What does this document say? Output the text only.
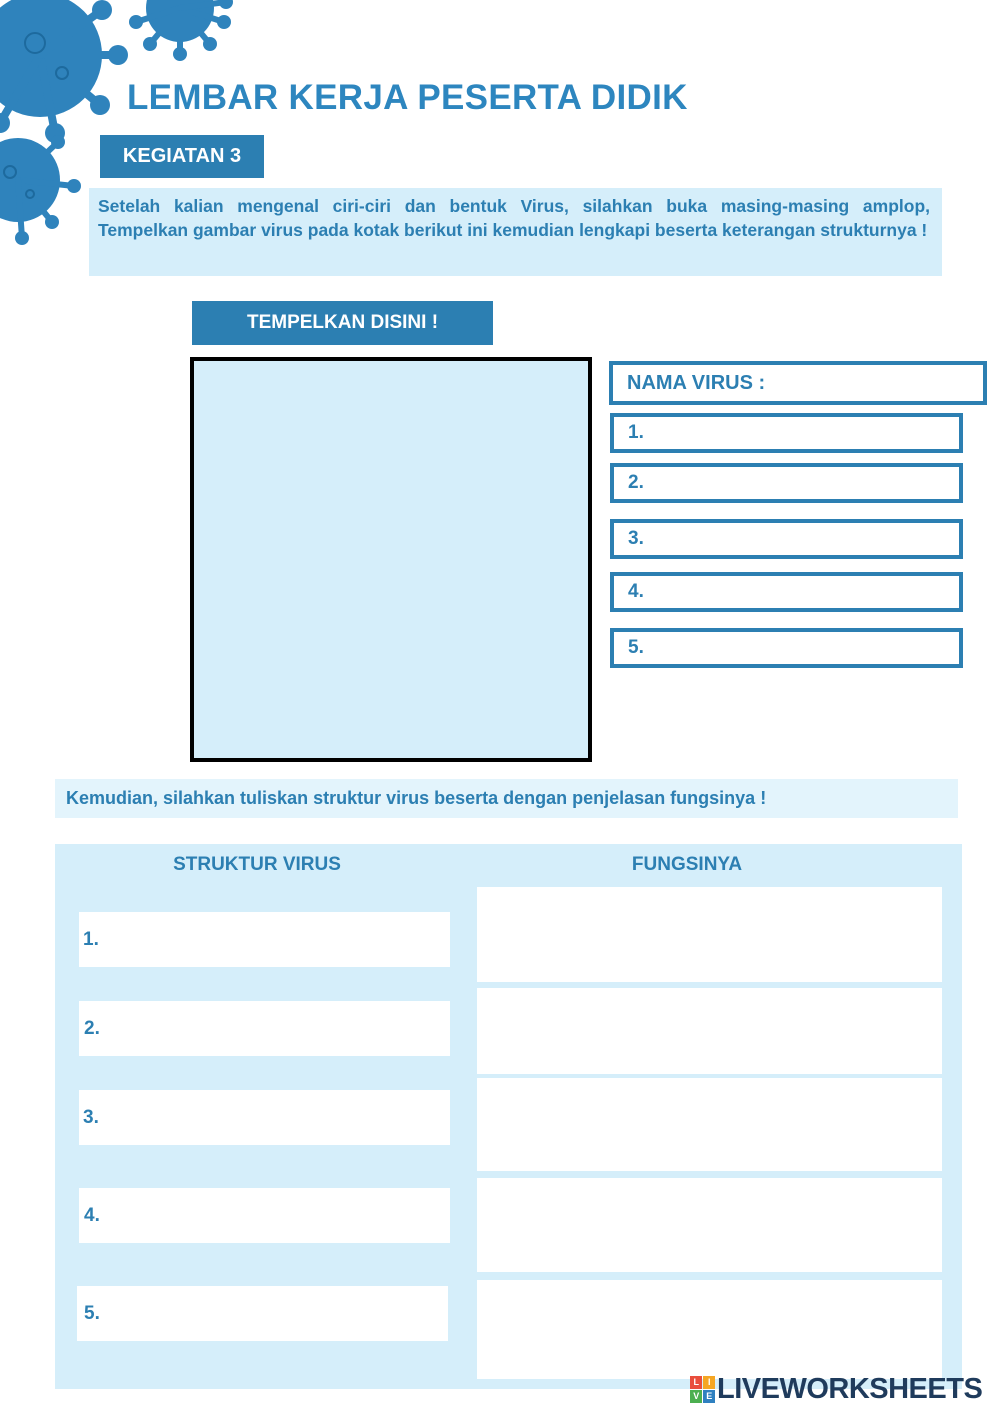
LEMBAR KERJA PESERTA DIDIK
KEGIATAN 3

Setelah kalian mengenal ciri-ciri dan bentuk Virus, silahkan buka masing-masing amplop, Tempelkan gambar virus pada kotak berikut ini kemudian lengkapi beserta keterangan strukturnya !

TEMPELKAN DISINI !
NAMA VIRUS :
1.
2.
3.
4.
5.
Kemudian, silahkan tuliskan struktur virus beserta dengan penjelasan fungsinya !
STRUKTUR VIRUS	FUNGSINYA
1.
2.
3.
4.
5.
L	I
V E LIVEWORKSHEETS
